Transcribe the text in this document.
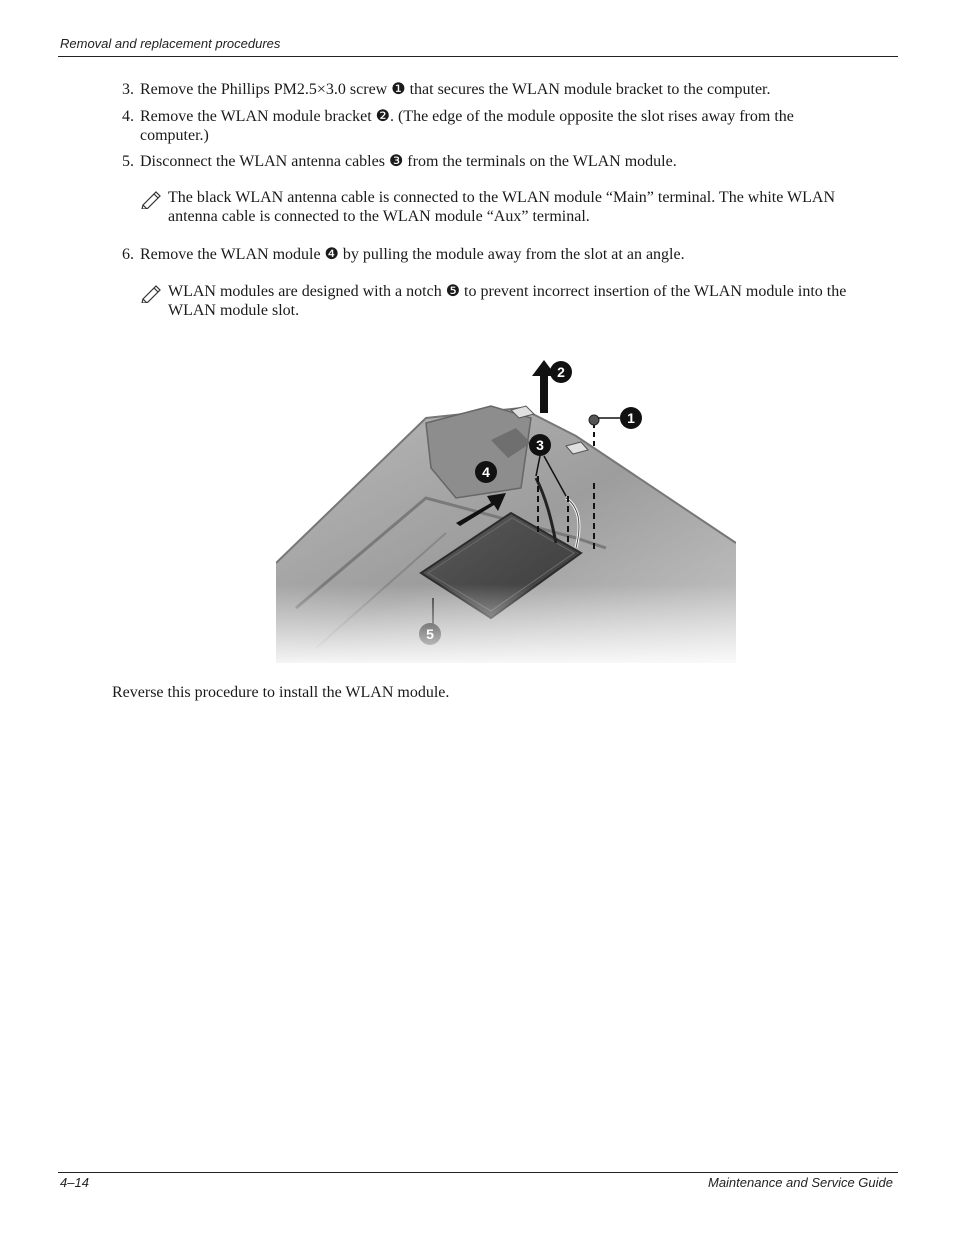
Removal and replacement procedures
3. Remove the Phillips PM2.5×3.0 screw ❶ that secures the WLAN module bracket to the computer.
4. Remove the WLAN module bracket ❷. (The edge of the module opposite the slot rises away from the computer.)
5. Disconnect the WLAN antenna cables ❸ from the terminals on the WLAN module.
The black WLAN antenna cable is connected to the WLAN module “Main” terminal. The white WLAN antenna cable is connected to the WLAN module “Aux” terminal.
6. Remove the WLAN module ❹ by pulling the module away from the slot at an angle.
WLAN modules are designed with a notch ❺ to prevent incorrect insertion of the WLAN module into the WLAN module slot.
Reverse this procedure to install the WLAN module.
4–14	Maintenance and Service Guide
